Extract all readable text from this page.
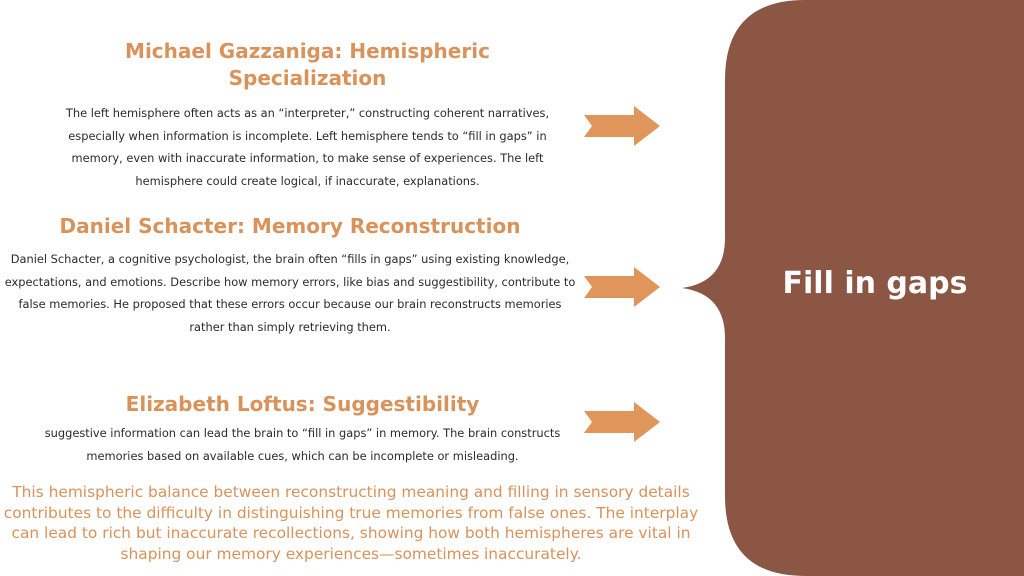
Michael Gazzaniga: Hemispheric Specialization

The left hemisphere often acts as an “interpreter,” constructing coherent narratives, especially when information is incomplete. Left hemisphere tends to “fill in gaps” in memory, even with inaccurate information, to make sense of experiences. The left hemisphere could create logical, if inaccurate, explanations.

Daniel Schacter: Memory Reconstruction

Daniel Schacter, a cognitive psychologist, the brain often “fills in gaps” using existing knowledge, expectations, and emotions. Describe how memory errors, like bias and suggestibility, contribute to false memories. He proposed that these errors occur because our brain reconstructs memories rather than simply retrieving them.

Elizabeth Loftus: Suggestibility

suggestive information can lead the brain to “fill in gaps” in memory. The brain constructs memories based on available cues, which can be incomplete or misleading.

This hemispheric balance between reconstructing meaning and filling in sensory details contributes to the difficulty in distinguishing true memories from false ones. The interplay can lead to rich but inaccurate recollections, showing how both hemispheres are vital in shaping our memory experiences—sometimes inaccurately.

Fill in gaps
